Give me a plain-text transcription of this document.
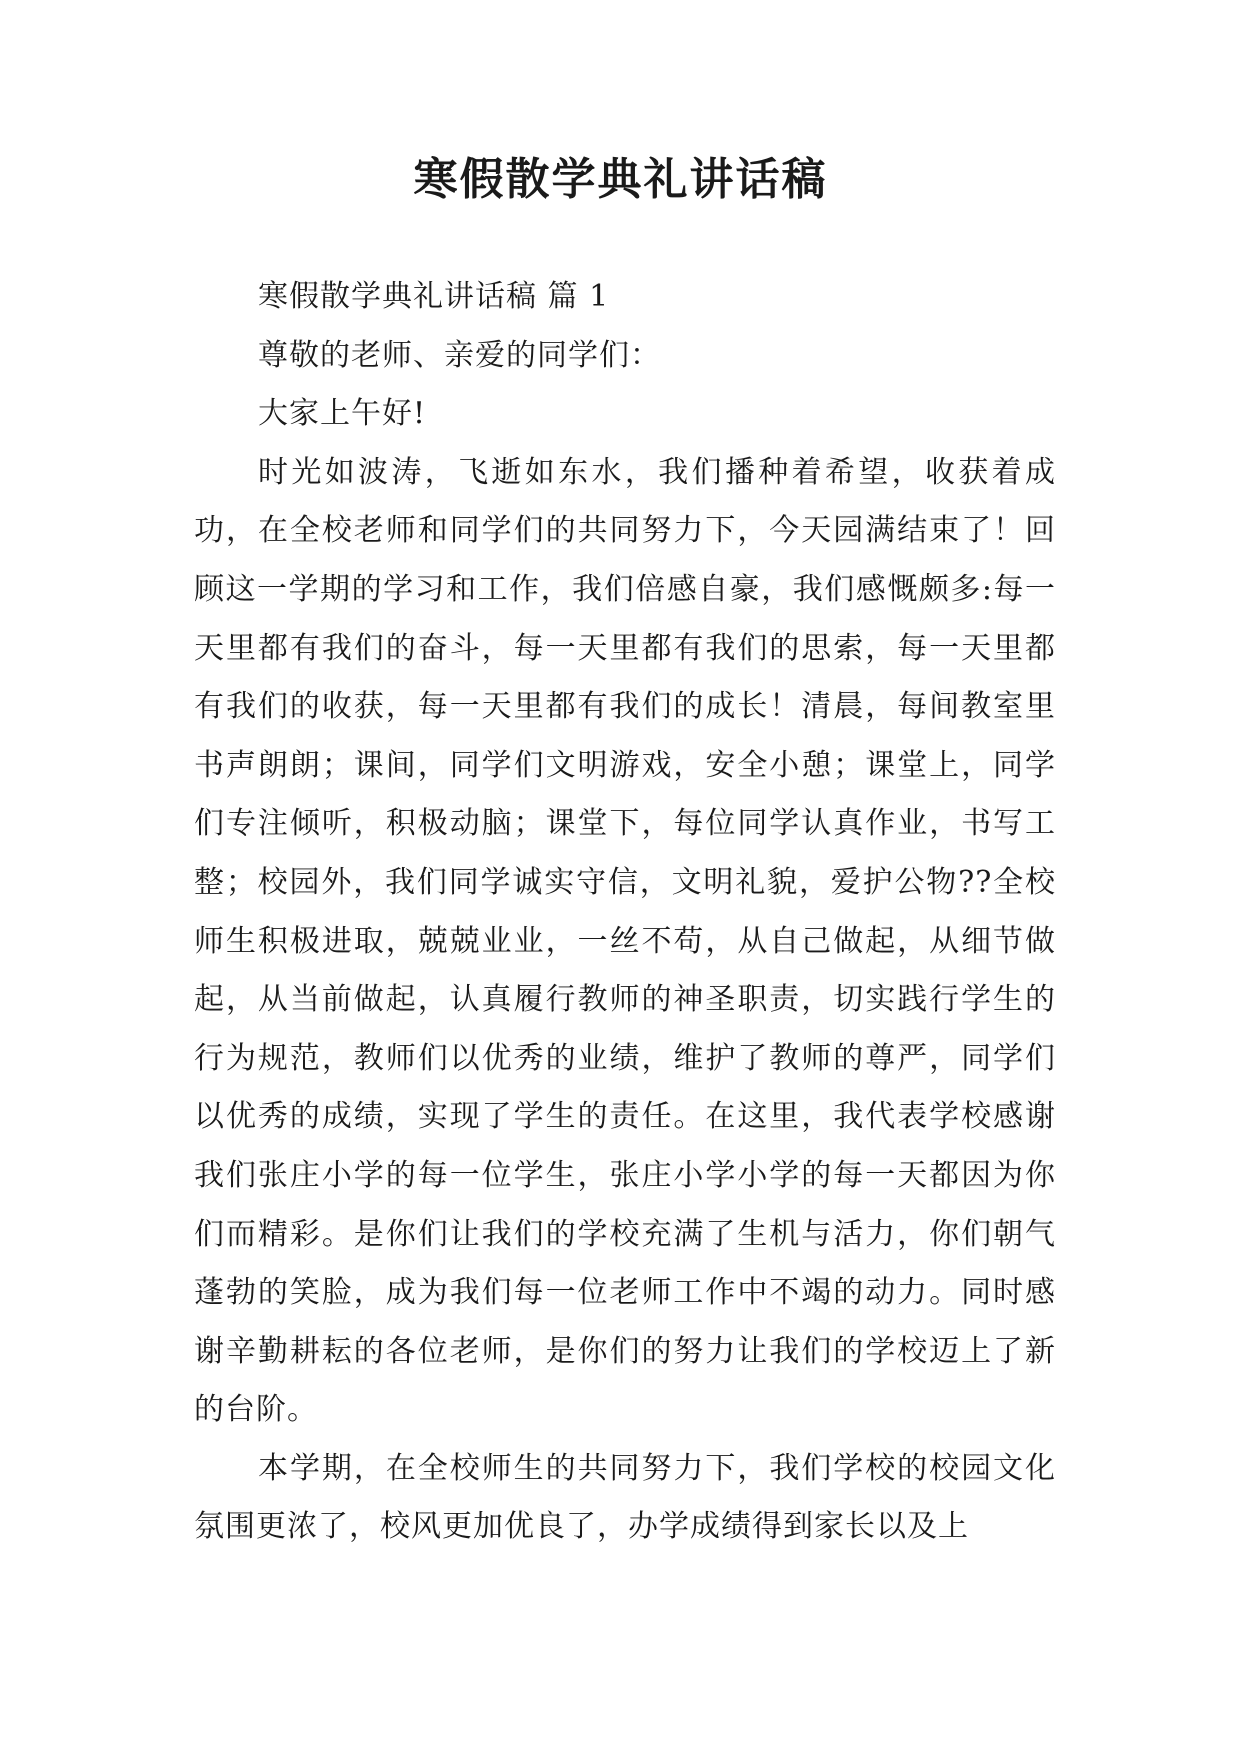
寒假散学典礼讲话稿

寒假散学典礼讲话稿 篇 1

尊敬的老师、亲爱的同学们：

大家上午好!

时光如波涛，飞逝如东水，我们播种着希望，收获着成功，在全校老师和同学们的共同努力下，今天园满结束了！回顾这一学期的学习和工作，我们倍感自豪，我们感慨颇多:每一天里都有我们的奋斗，每一天里都有我们的思索，每一天里都有我们的收获，每一天里都有我们的成长！清晨，每间教室里书声朗朗；课间，同学们文明游戏，安全小憩；课堂上，同学们专注倾听，积极动脑；课堂下，每位同学认真作业，书写工整；校园外，我们同学诚实守信，文明礼貌，爱护公物??全校师生积极进取，兢兢业业，一丝不苟，从自己做起，从细节做起，从当前做起，认真履行教师的神圣职责，切实践行学生的行为规范，教师们以优秀的业绩，维护了教师的尊严，同学们以优秀的成绩，实现了学生的责任。在这里，我代表学校感谢我们张庄小学的每一位学生，张庄小学小学的每一天都因为你们而精彩。是你们让我们的学校充满了生机与活力，你们朝气蓬勃的笑脸，成为我们每一位老师工作中不竭的动力。同时感谢辛勤耕耘的各位老师，是你们的努力让我们的学校迈上了新的台阶。

本学期，在全校师生的共同努力下，我们学校的校园文化氛围更浓了，校风更加优良了，办学成绩得到家长以及上
